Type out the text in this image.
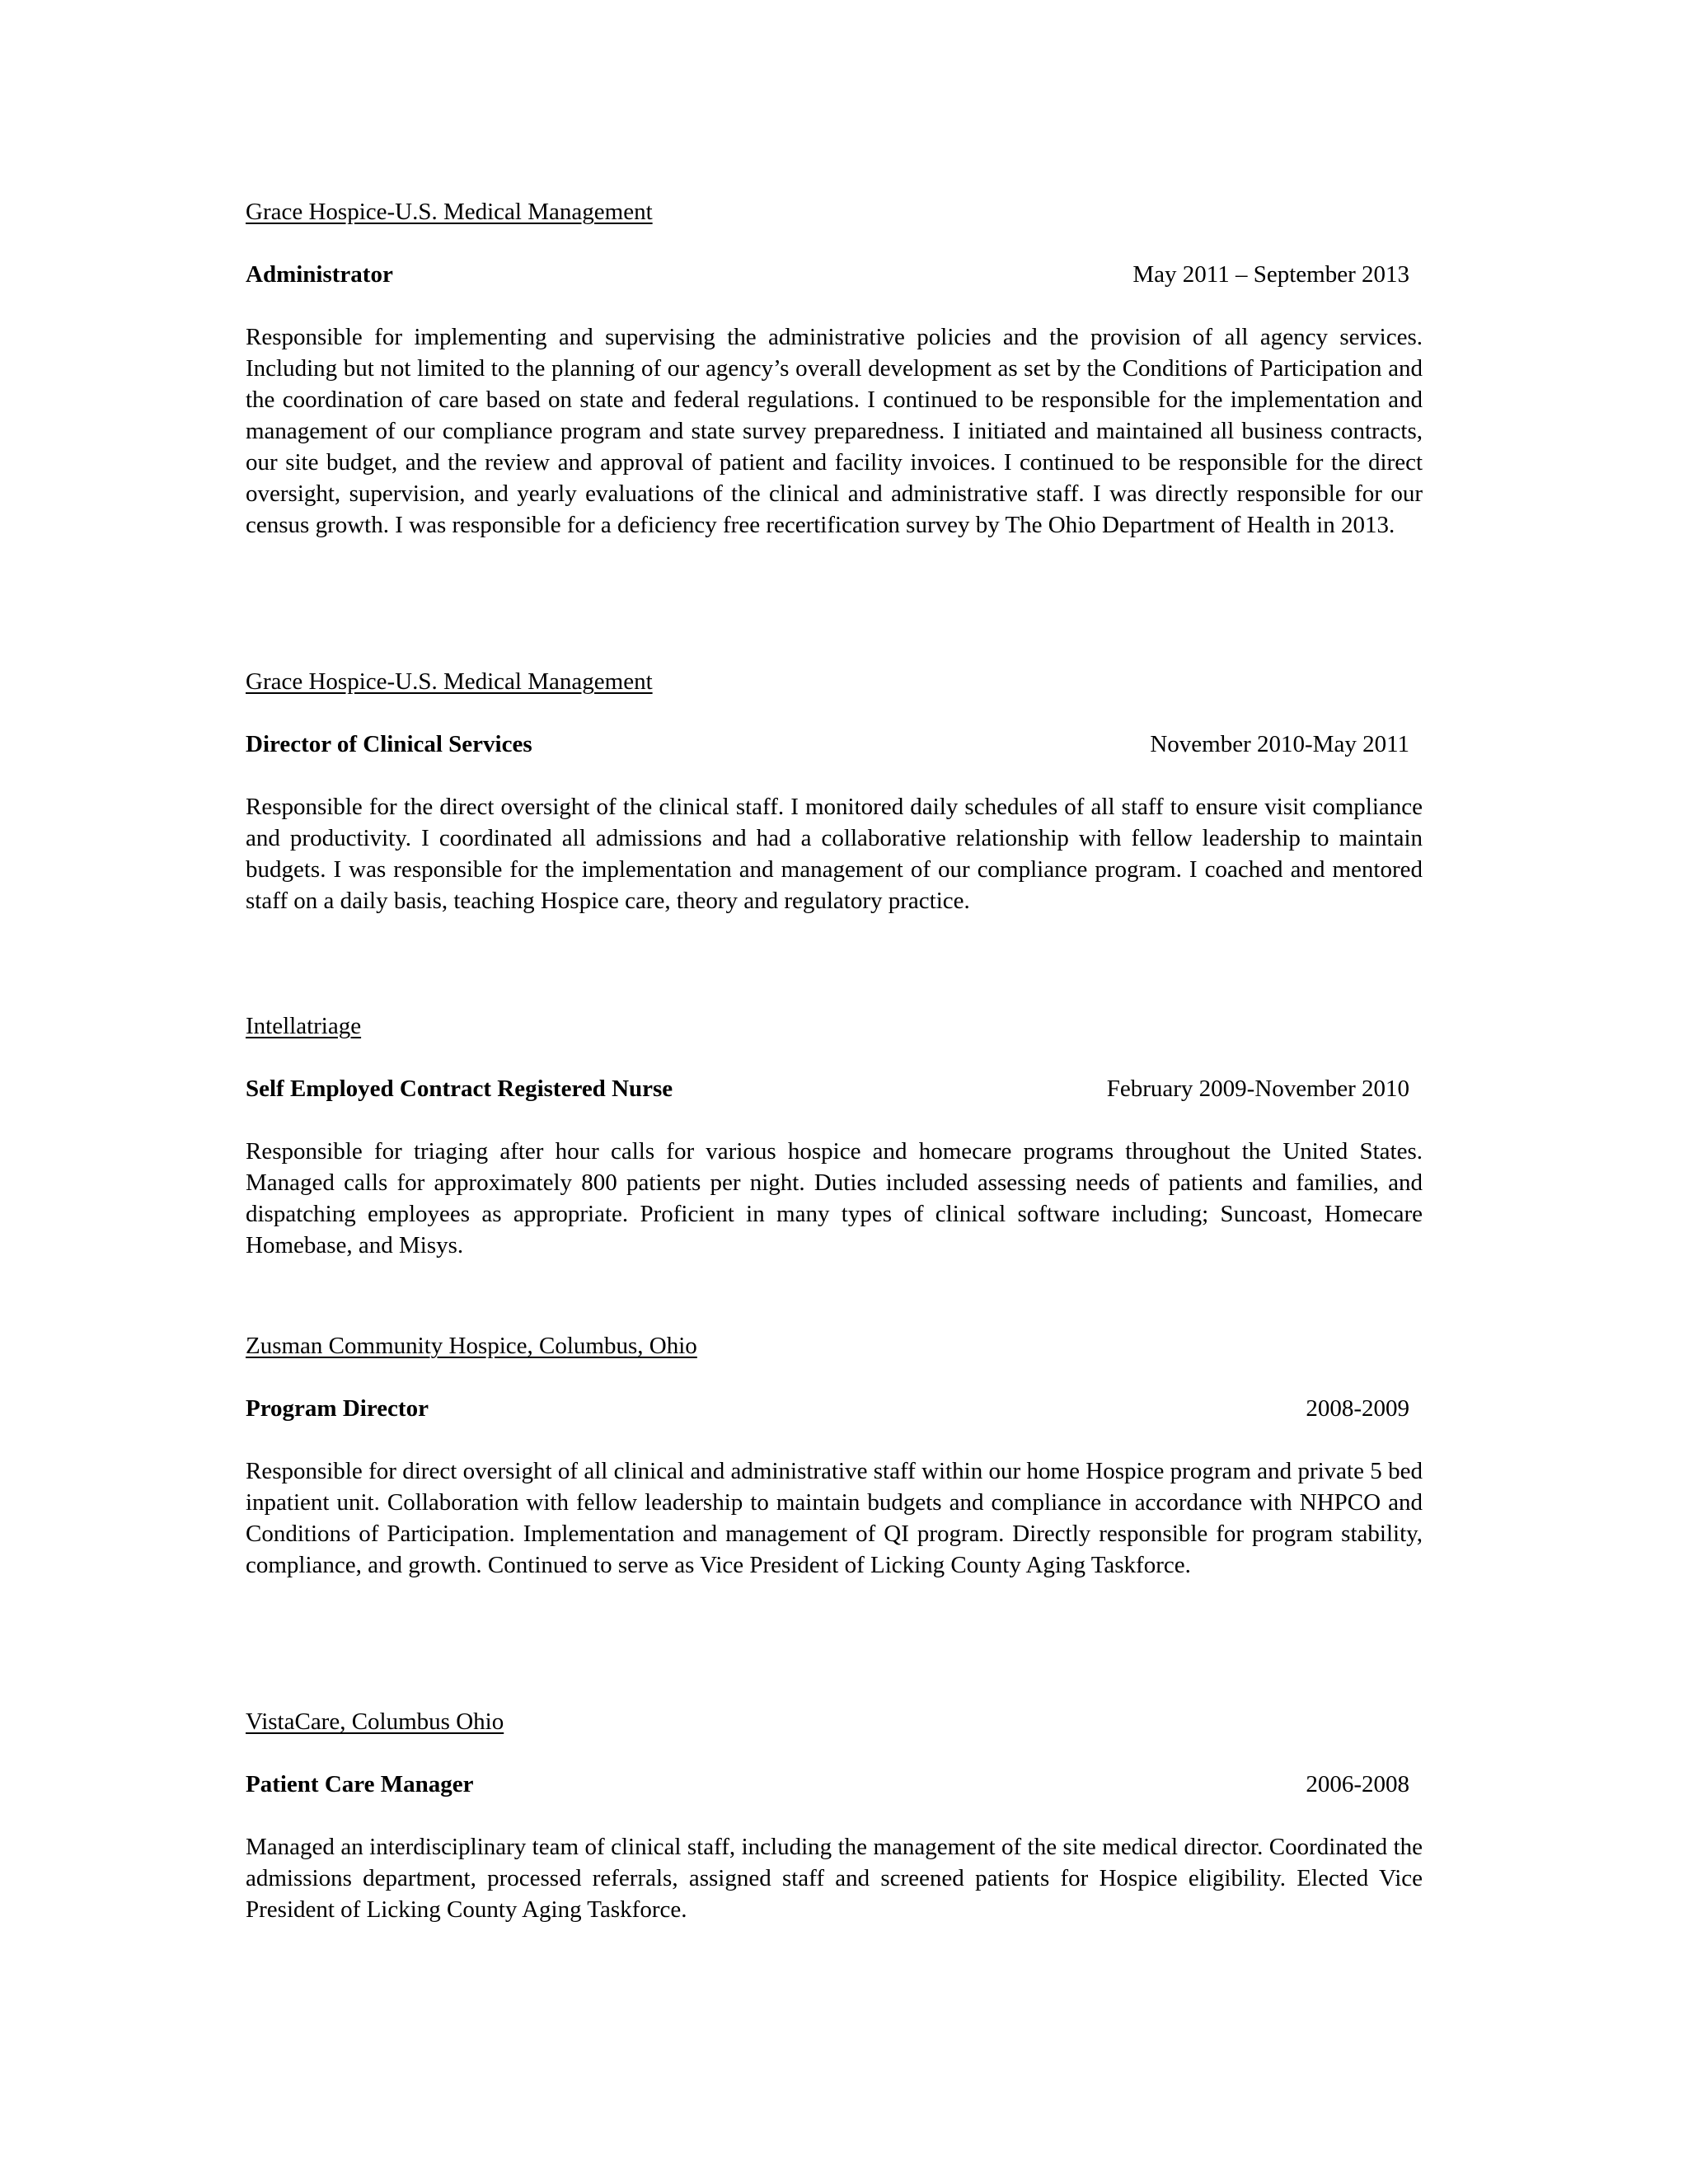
Grace Hospice-U.S. Medical Management
Administrator	May 2011 – September 2013

Responsible for implementing and supervising the administrative policies and the provision of all agency services. Including but not limited to the planning of our agency’s overall development as set by the Conditions of Participation and the coordination of care based on state and federal regulations. I continued to be responsible for the implementation and management of our compliance program and state survey preparedness. I initiated and maintained all business contracts, our site budget, and the review and approval of patient and facility invoices. I continued to be responsible for the direct oversight, supervision, and yearly evaluations of the clinical and administrative staff. I was directly responsible for our census growth. I was responsible for a deficiency free recertification survey by The Ohio Department of Health in 2013.

Grace Hospice-U.S. Medical Management
Director of Clinical Services	November 2010-May 2011

Responsible for the direct oversight of the clinical staff. I monitored daily schedules of all staff to ensure visit compliance and productivity. I coordinated all admissions and had a collaborative relationship with fellow leadership to maintain budgets. I was responsible for the implementation and management of our compliance program. I coached and mentored staff on a daily basis, teaching Hospice care, theory and regulatory practice.

Intellatriage
Self Employed Contract Registered Nurse	February 2009-November 2010

Responsible for triaging after hour calls for various hospice and homecare programs throughout the United States. Managed calls for approximately 800 patients per night. Duties included assessing needs of patients and families, and dispatching employees as appropriate. Proficient in many types of clinical software including; Suncoast, Homecare Homebase, and Misys.

Zusman Community Hospice, Columbus, Ohio
Program Director	2008-2009

Responsible for direct oversight of all clinical and administrative staff within our home Hospice program and private 5 bed inpatient unit. Collaboration with fellow leadership to maintain budgets and compliance in accordance with NHPCO and Conditions of Participation. Implementation and management of QI program. Directly responsible for program stability, compliance, and growth. Continued to serve as Vice President of Licking County Aging Taskforce.

VistaCare, Columbus Ohio
Patient Care Manager	2006-2008

Managed an interdisciplinary team of clinical staff, including the management of the site medical director. Coordinated the admissions department, processed referrals, assigned staff and screened patients for Hospice eligibility. Elected Vice President of Licking County Aging Taskforce.
